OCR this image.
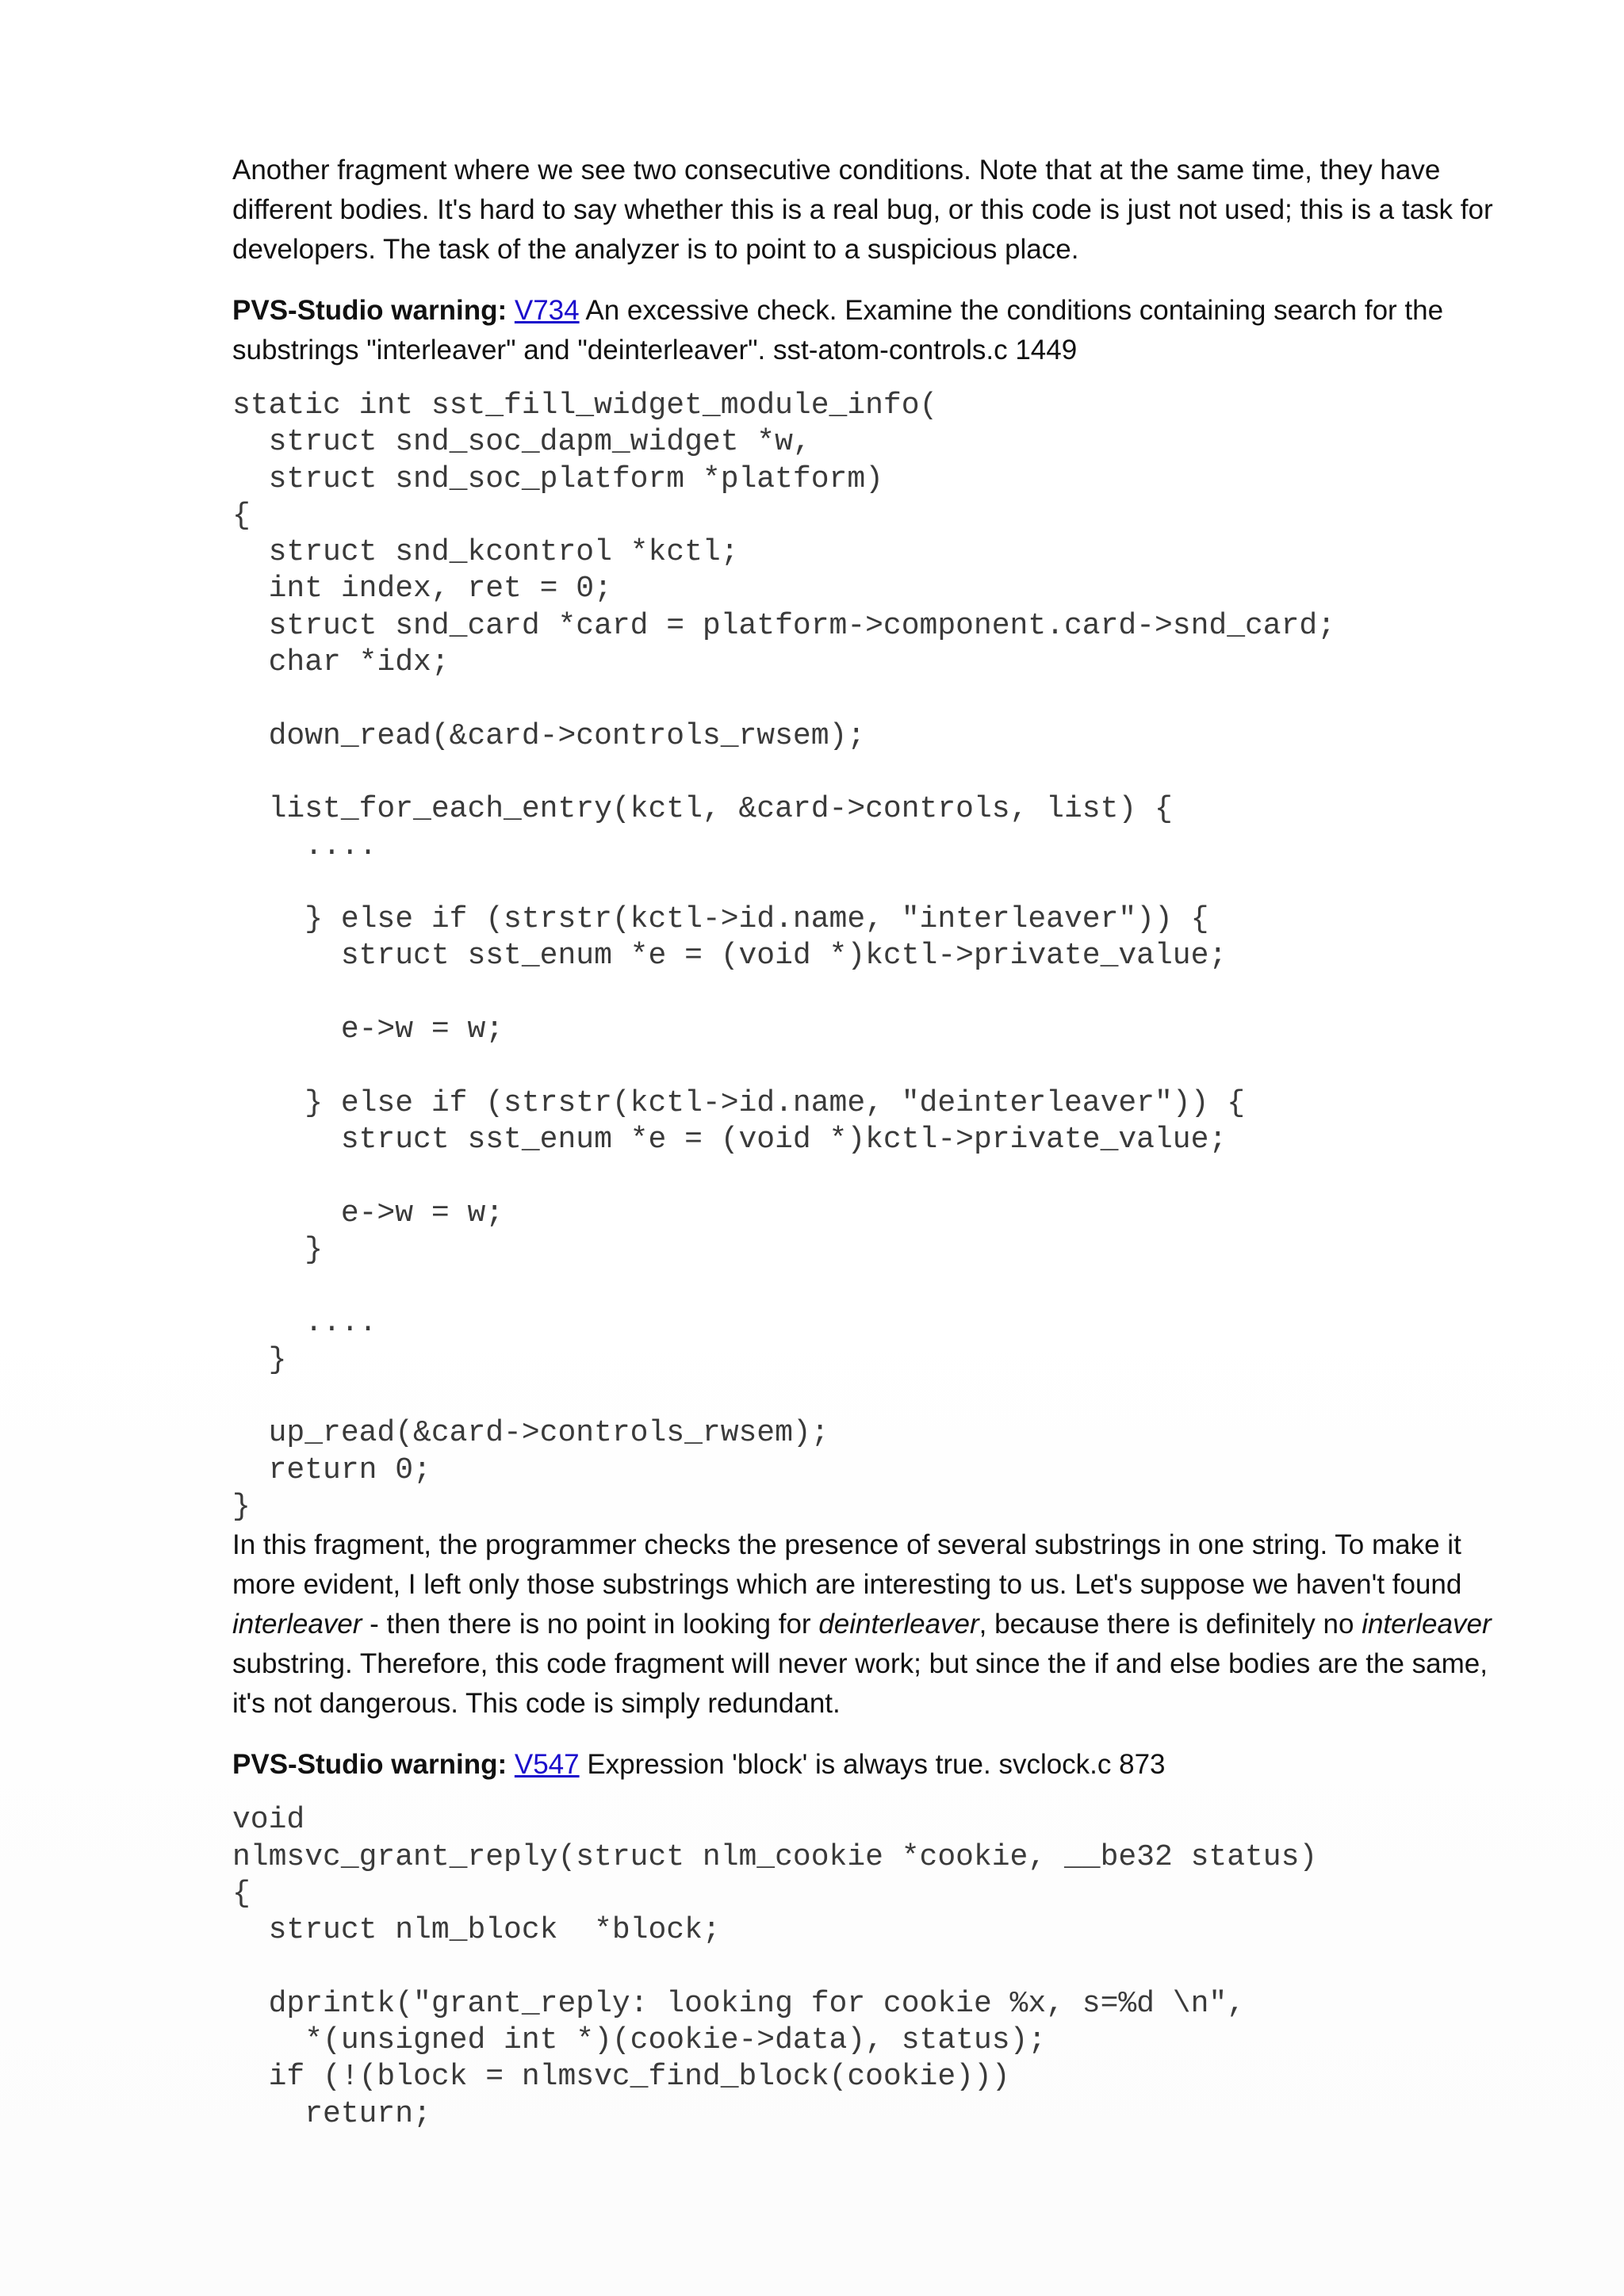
Another fragment where we see two consecutive conditions. Note that at the same time, they have different bodies. It's hard to say whether this is a real bug, or this code is just not used; this is a task for developers. The task of the analyzer is to point to a suspicious place.

PVS-Studio warning: V734 An excessive check. Examine the conditions containing search for the substrings "interleaver" and "deinterleaver". sst-atom-controls.c 1449

static int sst_fill_widget_module_info(
struct snd_soc_dapm_widget *w,
struct snd_soc_platform *platform)
{
struct snd_kcontrol *kctl;
int index, ret = 0;
struct snd_card *card = platform->component.card->snd_card;
char *idx;
down_read(&card->controls_rwsem);
list_for_each_entry(kctl, &card->controls, list) {
....
} else if (strstr(kctl->id.name, "interleaver")) {
struct sst_enum *e = (void *)kctl->private_value;
e->w = w;
} else if (strstr(kctl->id.name, "deinterleaver")) {
struct sst_enum *e = (void *)kctl->private_value;
e->w = w;
}
....
}
up_read(&card->controls_rwsem);
return 0;
}

In this fragment, the programmer checks the presence of several substrings in one string. To make it more evident, I left only those substrings which are interesting to us. Let's suppose we haven't found interleaver - then there is no point in looking for deinterleaver, because there is definitely no interleaver substring. Therefore, this code fragment will never work; but since the if and else bodies are the same, it's not dangerous. This code is simply redundant.

PVS-Studio warning: V547 Expression 'block' is always true. svclock.c 873

void
nlmsvc_grant_reply(struct nlm_cookie *cookie, __be32 status)
{
struct nlm_block  *block;
dprintk("grant_reply: looking for cookie %x, s=%d \n",
*(unsigned int *)(cookie->data), status);
if (!(block = nlmsvc_find_block(cookie)))
return;
